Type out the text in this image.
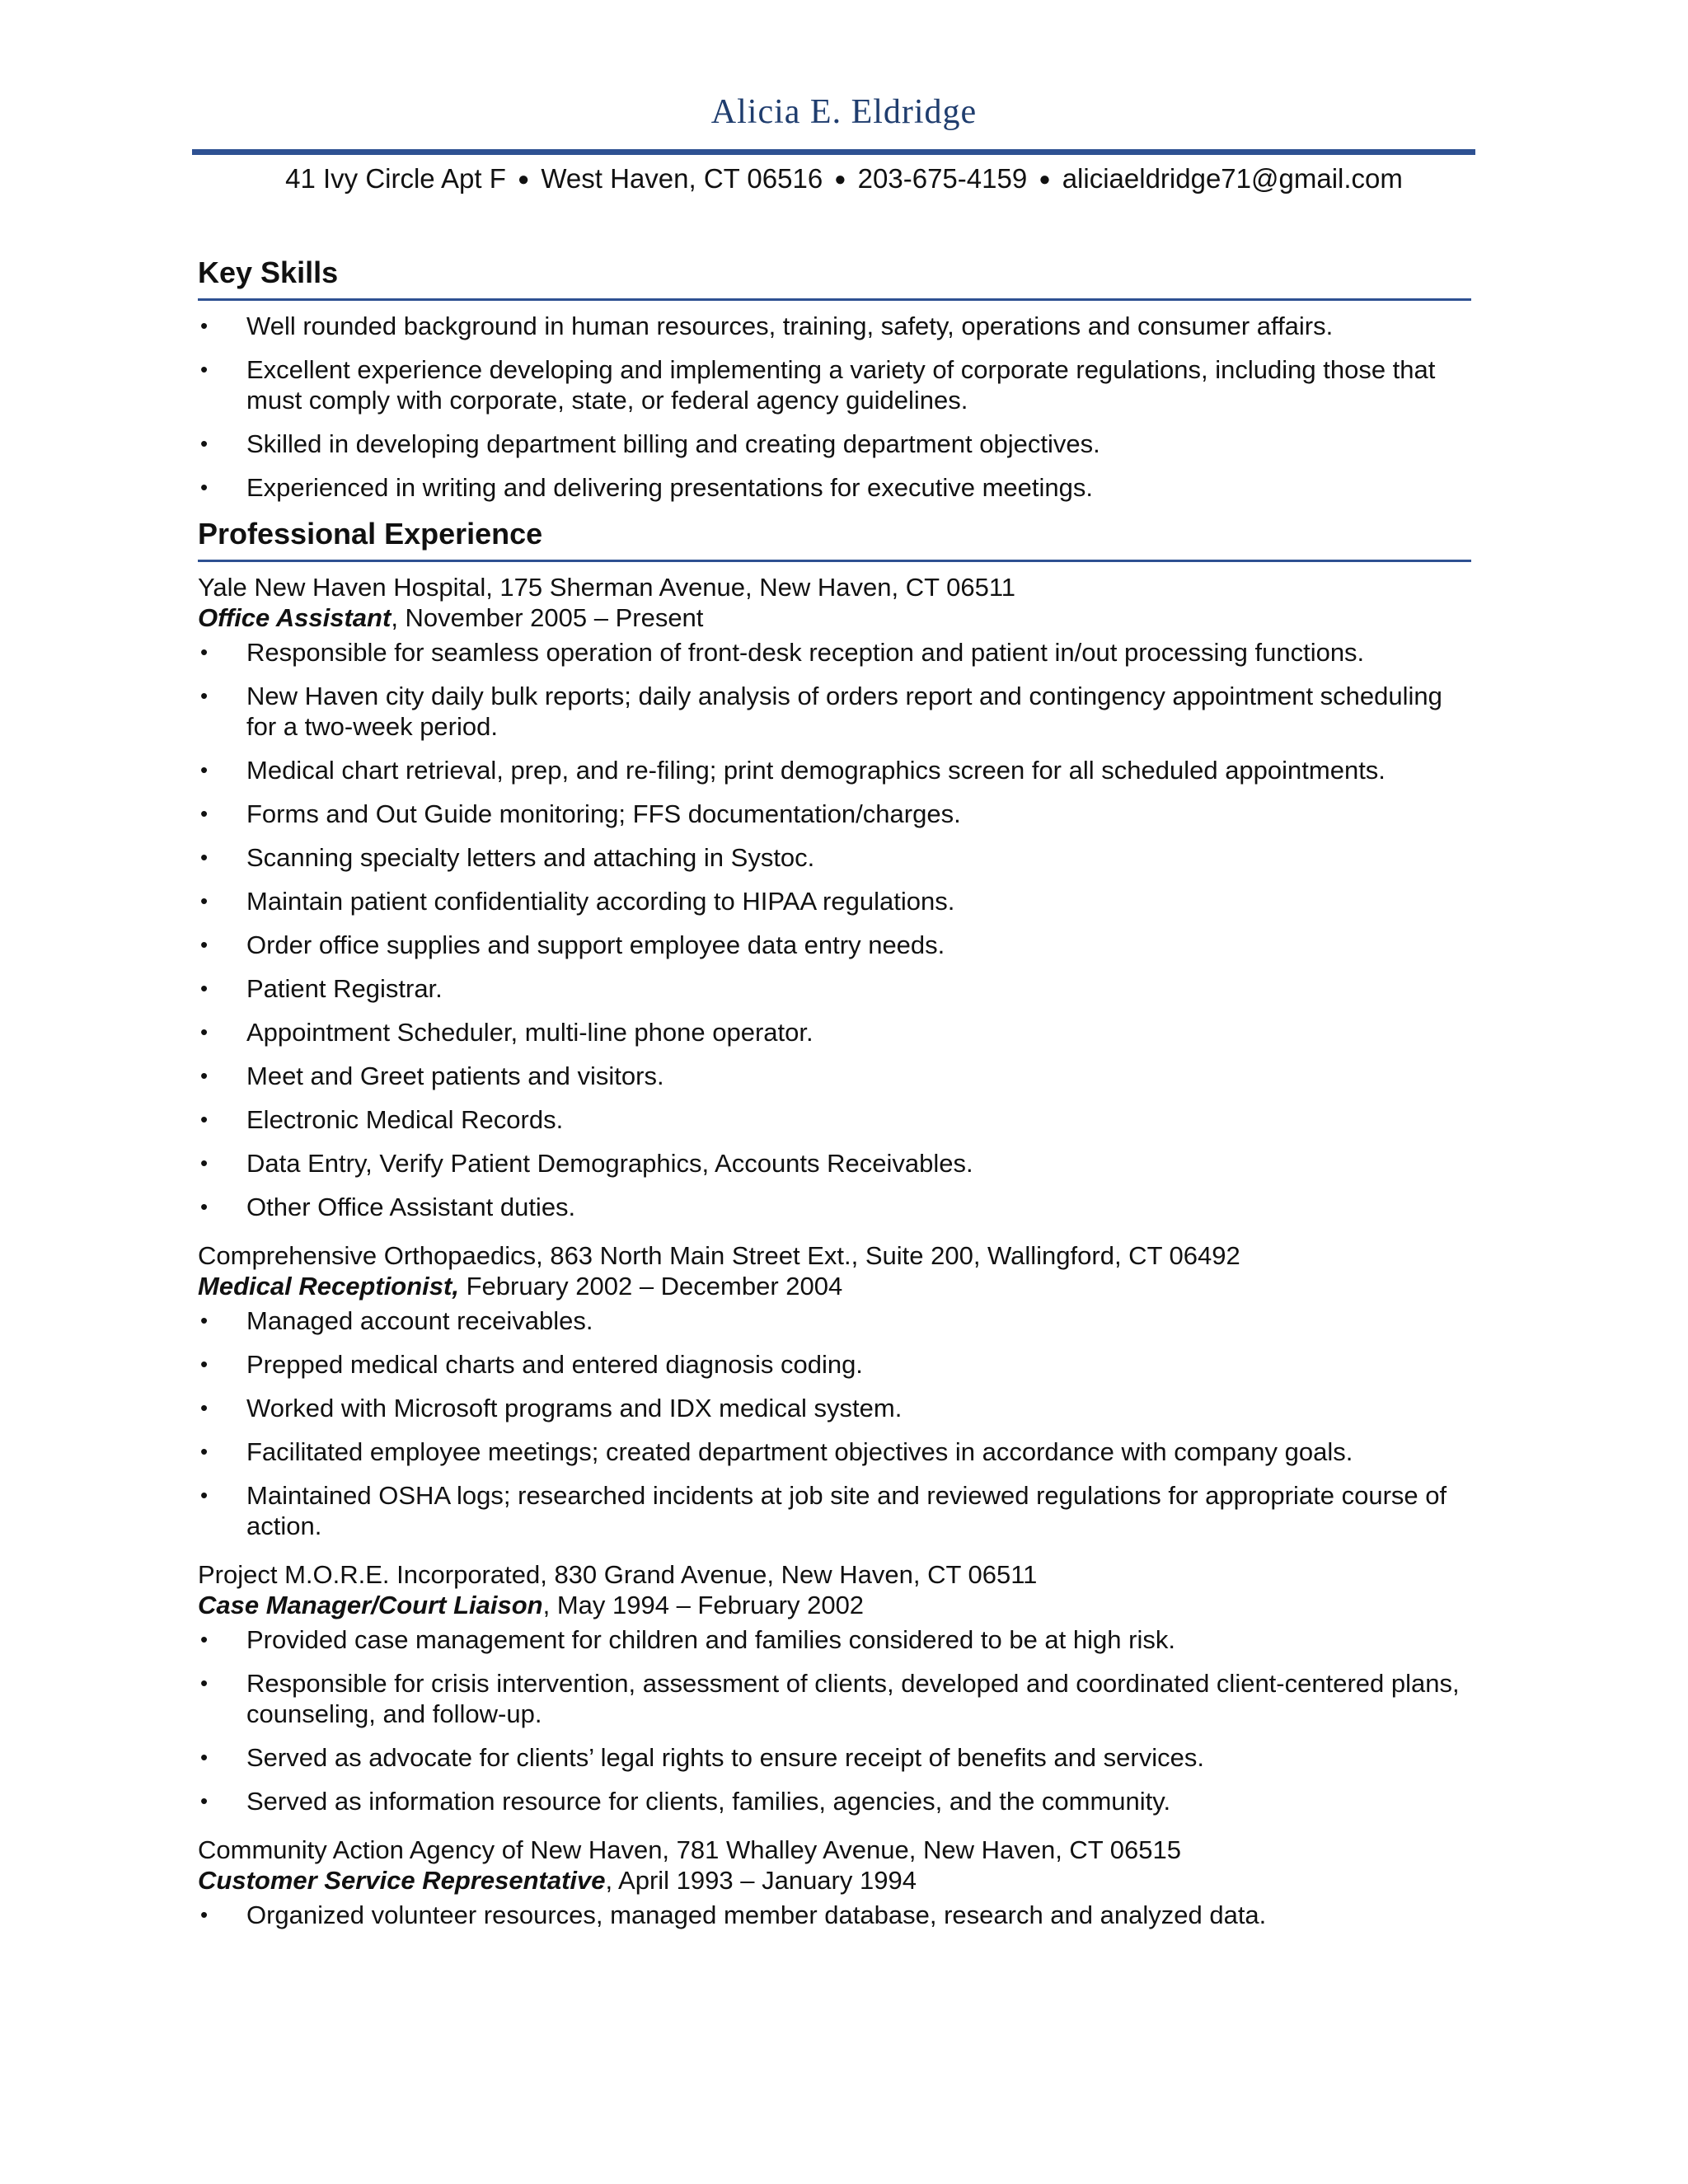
Alicia E. Eldridge
41 Ivy Circle Apt F ● West Haven, CT 06516 ● 203-675-4159 ● aliciaeldridge71@gmail.com
Key Skills
• Well rounded background in human resources, training, safety, operations and consumer affairs.
• Excellent experience developing and implementing a variety of corporate regulations, including those that must comply with corporate, state, or federal agency guidelines.
• Skilled in developing department billing and creating department objectives.
• Experienced in writing and delivering presentations for executive meetings.
Professional Experience
Yale New Haven Hospital, 175 Sherman Avenue, New Haven, CT 06511
Office Assistant, November 2005 – Present
• Responsible for seamless operation of front-desk reception and patient in/out processing functions.
• New Haven city daily bulk reports; daily analysis of orders report and contingency appointment scheduling for a two-week period.
• Medical chart retrieval, prep, and re-filing; print demographics screen for all scheduled appointments.
• Forms and Out Guide monitoring; FFS documentation/charges.
• Scanning specialty letters and attaching in Systoc.
• Maintain patient confidentiality according to HIPAA regulations.
• Order office supplies and support employee data entry needs.
• Patient Registrar.
• Appointment Scheduler, multi-line phone operator.
• Meet and Greet patients and visitors.
• Electronic Medical Records.
• Data Entry, Verify Patient Demographics, Accounts Receivables.
• Other Office Assistant duties.
Comprehensive Orthopaedics, 863 North Main Street Ext., Suite 200, Wallingford, CT 06492
Medical Receptionist, February 2002 – December 2004
• Managed account receivables.
• Prepped medical charts and entered diagnosis coding.
• Worked with Microsoft programs and IDX medical system.
• Facilitated employee meetings; created department objectives in accordance with company goals.
• Maintained OSHA logs; researched incidents at job site and reviewed regulations for appropriate course of action.
Project M.O.R.E. Incorporated, 830 Grand Avenue, New Haven, CT 06511
Case Manager/Court Liaison, May 1994 – February 2002
• Provided case management for children and families considered to be at high risk.
• Responsible for crisis intervention, assessment of clients, developed and coordinated client-centered plans, counseling, and follow-up.
• Served as advocate for clients’ legal rights to ensure receipt of benefits and services.
• Served as information resource for clients, families, agencies, and the community.
Community Action Agency of New Haven, 781 Whalley Avenue, New Haven, CT 06515
Customer Service Representative, April 1993 – January 1994
• Organized volunteer resources, managed member database, research and analyzed data.
